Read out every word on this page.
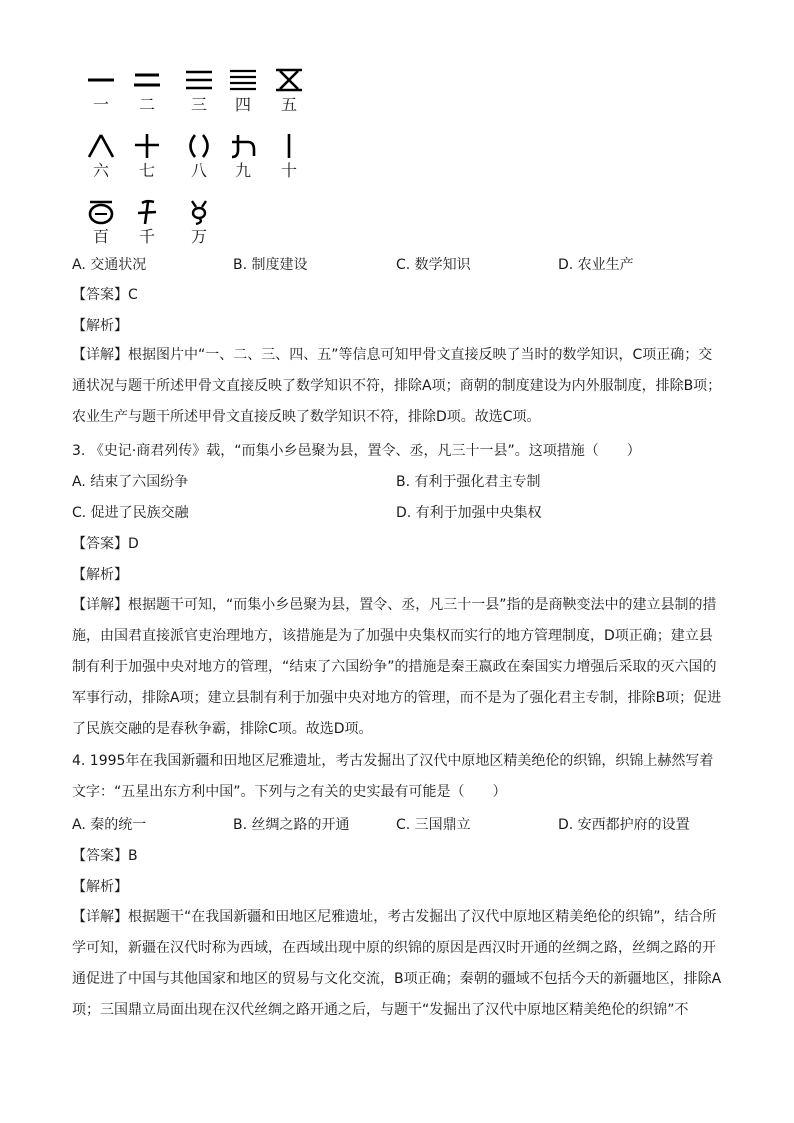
一	二	三	四	五
六	七	八	九	十
百	千	万
A. 交通状况	B. 制度建设	C. 数学知识	D. 农业生产
【答案】C
【解析】
【详解】根据图片中“一、二、三、四、五”等信息可知甲骨文直接反映了当时的数学知识，C项正确；交通状况与题干所述甲骨文直接反映了数学知识不符，排除A项；商朝的制度建设为内外服制度，排除B项；农业生产与题干所述甲骨文直接反映了数学知识不符，排除D项。故选C项。
3. 《史记·商君列传》载，“而集小乡邑聚为县，置令、丞，凡三十一县”。这项措施（　　）
A. 结束了六国纷争	B. 有利于强化君主专制
C. 促进了民族交融	D. 有利于加强中央集权
【答案】D
【解析】
【详解】根据题干可知，“而集小乡邑聚为县，置令、丞，凡三十一县”指的是商鞅变法中的建立县制的措施，由国君直接派官吏治理地方，该措施是为了加强中央集权而实行的地方管理制度，D项正确；建立县制有利于加强中央对地方的管理，“结束了六国纷争”的措施是秦王嬴政在秦国实力增强后采取的灭六国的军事行动，排除A项；建立县制有利于加强中央对地方的管理，而不是为了强化君主专制，排除B项；促进了民族交融的是春秋争霸，排除C项。故选D项。
4. 1995年在我国新疆和田地区尼雅遗址，考古发掘出了汉代中原地区精美绝伦的织锦，织锦上赫然写着文字：“五星出东方利中国”。下列与之有关的史实最有可能是（　　）
A. 秦的统一	B. 丝绸之路的开通	C. 三国鼎立	D. 安西都护府的设置
【答案】B
【解析】
【详解】根据题干“在我国新疆和田地区尼雅遗址，考古发掘出了汉代中原地区精美绝伦的织锦”，结合所学可知，新疆在汉代时称为西域，在西域出现中原的织锦的原因是西汉时开通的丝绸之路，丝绸之路的开通促进了中国与其他国家和地区的贸易与文化交流，B项正确；秦朝的疆域不包括今天的新疆地区，排除A项；三国鼎立局面出现在汉代丝绸之路开通之后，与题干“发掘出了汉代中原地区精美绝伦的织锦”不
